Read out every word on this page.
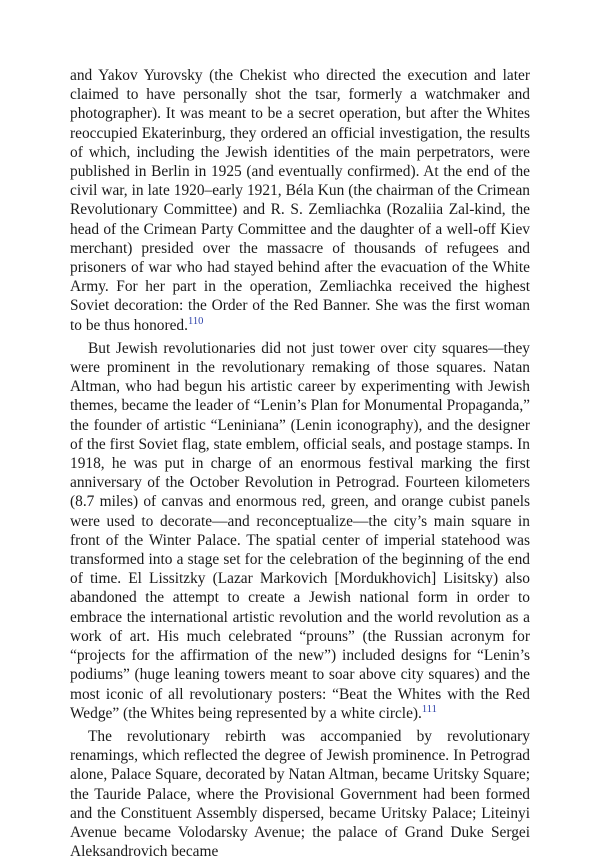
and Yakov Yurovsky (the Chekist who directed the execution and later claimed to have personally shot the tsar, formerly a watchmaker and photographer). It was meant to be a secret operation, but after the Whites reoccupied Ekaterinburg, they ordered an official investigation, the results of which, including the Jewish identities of the main perpetrators, were published in Berlin in 1925 (and eventually confirmed). At the end of the civil war, in late 1920–early 1921, Béla Kun (the chairman of the Crimean Revolutionary Committee) and R. S. Zemliachka (Rozaliia Zal-kind, the head of the Crimean Party Committee and the daughter of a well-off Kiev merchant) presided over the massacre of thousands of refugees and prisoners of war who had stayed behind after the evacuation of the White Army. For her part in the operation, Zemliachka received the highest Soviet decoration: the Order of the Red Banner. She was the first woman to be thus honored.$^{110}$

But Jewish revolutionaries did not just tower over city squares—they were prominent in the revolutionary remaking of those squares. Natan Altman, who had begun his artistic career by experimenting with Jewish themes, became the leader of “Lenin’s Plan for Monumental Propaganda,” the founder of artistic “Leniniana” (Lenin iconography), and the designer of the first Soviet flag, state emblem, official seals, and postage stamps. In 1918, he was put in charge of an enormous festival marking the first anniversary of the October Revolution in Petrograd. Fourteen kilometers (8.7 miles) of canvas and enormous red, green, and orange cubist panels were used to decorate—and reconceptualize—the city’s main square in front of the Winter Palace. The spatial center of imperial statehood was transformed into a stage set for the celebration of the beginning of the end of time. El Lissitzky (Lazar Markovich [Mordukhovich] Lisitsky) also abandoned the attempt to create a Jewish national form in order to embrace the international artistic revolution and the world revolution as a work of art. His much celebrated “prouns” (the Russian acronym for “projects for the affirmation of the new”) included designs for “Lenin’s podiums” (huge leaning towers meant to soar above city squares) and the most iconic of all revolutionary posters: “Beat the Whites with the Red Wedge” (the Whites being represented by a white circle).$^{111}$

The revolutionary rebirth was accompanied by revolutionary renamings, which reflected the degree of Jewish prominence. In Petrograd alone, Palace Square, decorated by Natan Altman, became Uritsky Square; the Tauride Palace, where the Provisional Government had been formed and the Constituent Assembly dispersed, became Uritsky Palace; Liteinyi Avenue became Volodarsky Avenue; the palace of Grand Duke Sergei Aleksandrovich became
